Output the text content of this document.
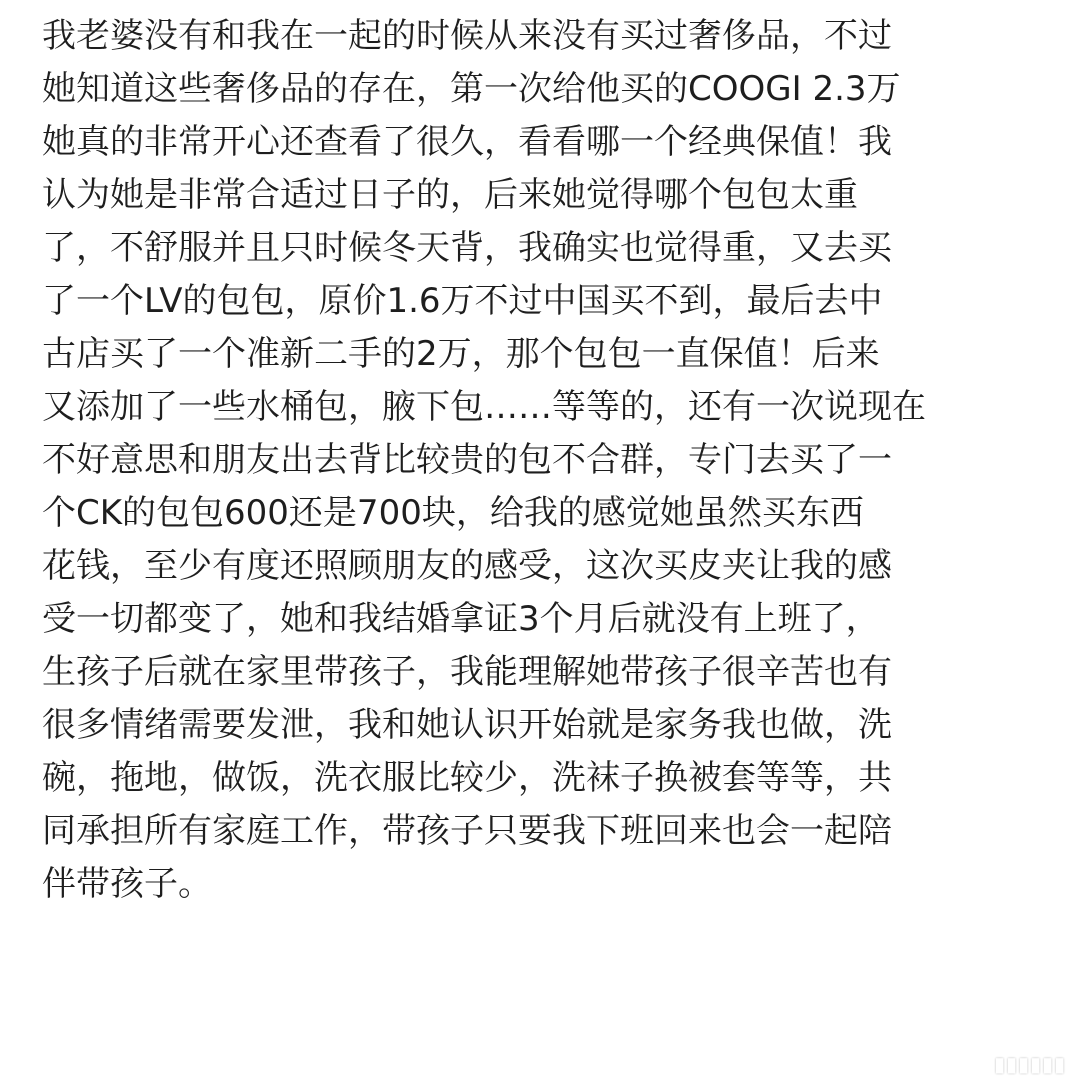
我老婆没有和我在一起的时候从来没有买过奢侈品，不过
她知道这些奢侈品的存在，第一次给他买的COOGI 2.3万
她真的非常开心还查看了很久，看看哪一个经典保值！我
认为她是非常合适过日子的，后来她觉得哪个包包太重
了，不舒服并且只时候冬天背，我确实也觉得重，又去买
了一个LV的包包，原价1.6万不过中国买不到，最后去中
古店买了一个准新二手的2万，那个包包一直保值！后来
又添加了一些水桶包，腋下包……等等的，还有一次说现在
不好意思和朋友出去背比较贵的包不合群，专门去买了一
个CK的包包600还是700块，给我的感觉她虽然买东西
花钱，至少有度还照顾朋友的感受，这次买皮夹让我的感
受一切都变了，她和我结婚拿证3个月后就没有上班了，
生孩子后就在家里带孩子，我能理解她带孩子很辛苦也有
很多情绪需要发泄，我和她认识开始就是家务我也做，洗
碗，拖地，做饭，洗衣服比较少，洗袜子换被套等等，共
同承担所有家庭工作，带孩子只要我下班回来也会一起陪
伴带孩子。
▮▮▮▮▮▮
